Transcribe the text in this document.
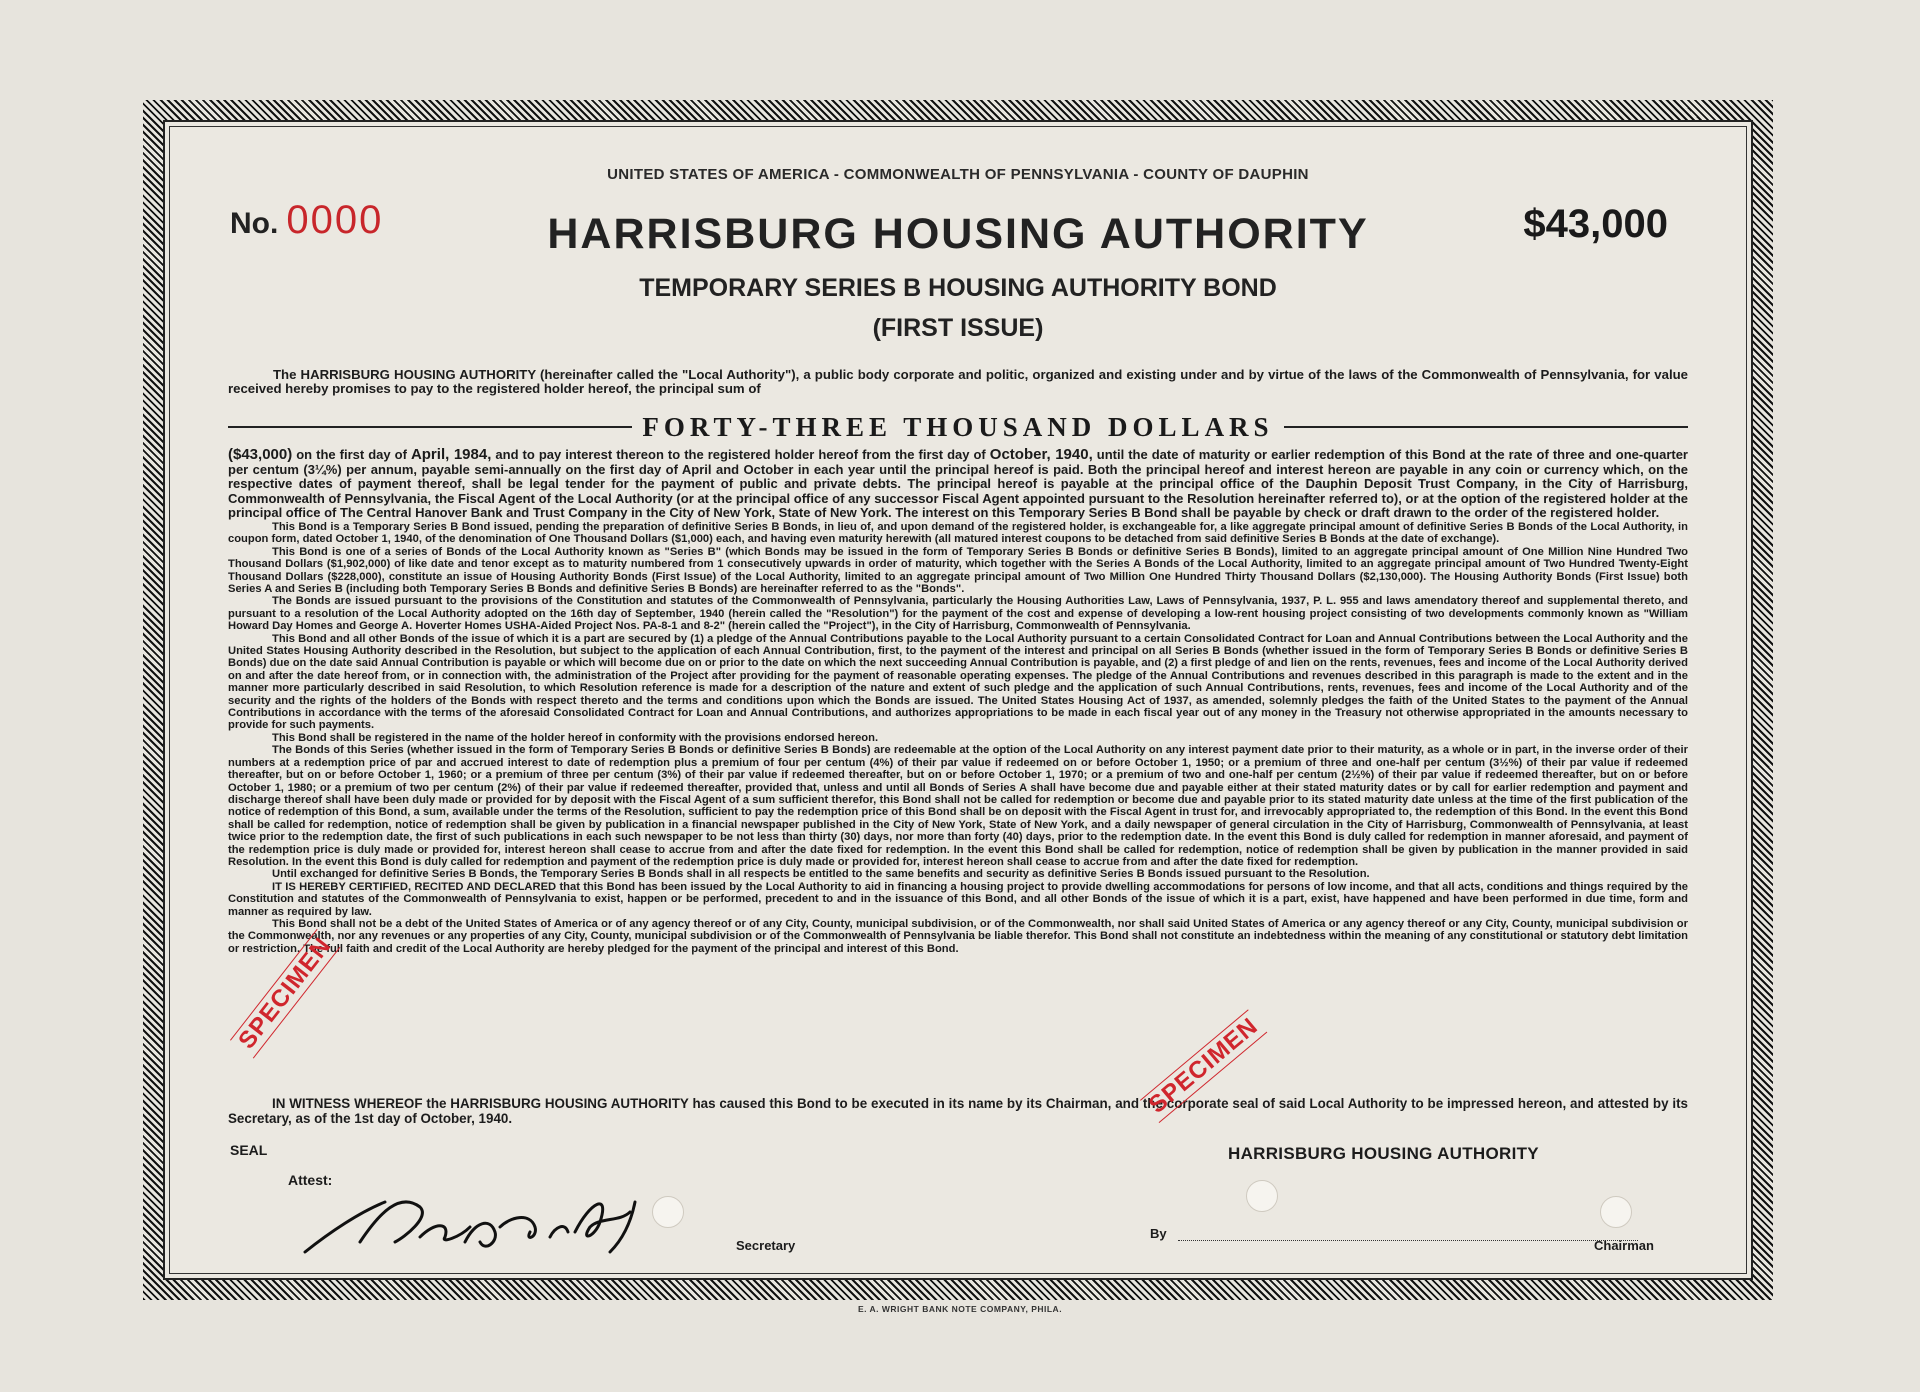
UNITED STATES OF AMERICA - COMMONWEALTH OF PENNSYLVANIA - COUNTY OF DAUPHIN
No. 0000	$43,000
HARRISBURG HOUSING AUTHORITY
TEMPORARY SERIES B HOUSING AUTHORITY BOND
(FIRST ISSUE)
The HARRISBURG HOUSING AUTHORITY (hereinafter called the "Local Authority"), a public body corporate and politic, organized and existing under and by virtue of the laws of the Commonwealth of Pennsylvania, for value received hereby promises to pay to the registered holder hereof, the principal sum of
FORTY-THREE THOUSAND DOLLARS

($43,000) on the first day of April, 1984, and to pay interest thereon to the registered holder hereof from the first day of October, 1940, until the date of maturity or earlier redemption of this Bond at the rate of three and one-quarter per centum (3¼%) per annum, payable semi-annually on the first day of April and October in each year until the principal hereof is paid. Both the principal hereof and interest hereon are payable in any coin or currency which, on the respective dates of payment thereof, shall be legal tender for the payment of public and private debts. The principal hereof is payable at the principal office of the Dauphin Deposit Trust Company, in the City of Harrisburg, Commonwealth of Pennsylvania, the Fiscal Agent of the Local Authority (or at the principal office of any successor Fiscal Agent appointed pursuant to the Resolution hereinafter referred to), or at the option of the registered holder at the principal office of The Central Hanover Bank and Trust Company in the City of New York, State of New York. The interest on this Temporary Series B Bond shall be payable by check or draft drawn to the order of the registered holder.

This Bond is a Temporary Series B Bond issued, pending the preparation of definitive Series B Bonds, in lieu of, and upon demand of the registered holder, is exchangeable for, a like aggregate principal amount of definitive Series B Bonds of the Local Authority, in coupon form, dated October 1, 1940, of the denomination of One Thousand Dollars ($1,000) each, and having even maturity herewith (all matured interest coupons to be detached from said definitive Series B Bonds at the date of exchange).

This Bond is one of a series of Bonds of the Local Authority known as "Series B" (which Bonds may be issued in the form of Temporary Series B Bonds or definitive Series B Bonds), limited to an aggregate principal amount of One Million Nine Hundred Two Thousand Dollars ($1,902,000) of like date and tenor except as to maturity numbered from 1 consecutively upwards in order of maturity, which together with the Series A Bonds of the Local Authority, limited to an aggregate principal amount of Two Hundred Twenty-Eight Thousand Dollars ($228,000), constitute an issue of Housing Authority Bonds (First Issue) of the Local Authority, limited to an aggregate principal amount of Two Million One Hundred Thirty Thousand Dollars ($2,130,000). The Housing Authority Bonds (First Issue) both Series A and Series B (including both Temporary Series B Bonds and definitive Series B Bonds) are hereinafter referred to as the "Bonds".

The Bonds are issued pursuant to the provisions of the Constitution and statutes of the Commonwealth of Pennsylvania, particularly the Housing Authorities Law, Laws of Pennsylvania, 1937, P. L. 955 and laws amendatory thereof and supplemental thereto, and pursuant to a resolution of the Local Authority adopted on the 16th day of September, 1940 (herein called the "Resolution") for the payment of the cost and expense of developing a low-rent housing project consisting of two developments commonly known as "William Howard Day Homes and George A. Hoverter Homes USHA-Aided Project Nos. PA-8-1 and 8-2" (herein called the "Project"), in the City of Harrisburg, Commonwealth of Pennsylvania.

This Bond and all other Bonds of the issue of which it is a part are secured by (1) a pledge of the Annual Contributions payable to the Local Authority pursuant to a certain Consolidated Contract for Loan and Annual Contributions between the Local Authority and the United States Housing Authority described in the Resolution, but subject to the application of each Annual Contribution, first, to the payment of the interest and principal on all Series B Bonds (whether issued in the form of Temporary Series B Bonds or definitive Series B Bonds) due on the date said Annual Contribution is payable or which will become due on or prior to the date on which the next succeeding Annual Contribution is payable, and (2) a first pledge of and lien on the rents, revenues, fees and income of the Local Authority derived on and after the date hereof from, or in connection with, the administration of the Project after providing for the payment of reasonable operating expenses. The pledge of the Annual Contributions and revenues described in this paragraph is made to the extent and in the manner more particularly described in said Resolution, to which Resolution reference is made for a description of the nature and extent of such pledge and the application of such Annual Contributions, rents, revenues, fees and income of the Local Authority and of the security and the rights of the holders of the Bonds with respect thereto and the terms and conditions upon which the Bonds are issued. The United States Housing Act of 1937, as amended, solemnly pledges the faith of the United States to the payment of the Annual Contributions in accordance with the terms of the aforesaid Consolidated Contract for Loan and Annual Contributions, and authorizes appropriations to be made in each fiscal year out of any money in the Treasury not otherwise appropriated in the amounts necessary to provide for such payments.

This Bond shall be registered in the name of the holder hereof in conformity with the provisions endorsed hereon.

The Bonds of this Series (whether issued in the form of Temporary Series B Bonds or definitive Series B Bonds) are redeemable at the option of the Local Authority on any interest payment date prior to their maturity, as a whole or in part, in the inverse order of their numbers at a redemption price of par and accrued interest to date of redemption plus a premium of four per centum (4%) of their par value if redeemed on or before October 1, 1950; or a premium of three and one-half per centum (3½%) of their par value if redeemed thereafter, but on or before October 1, 1960; or a premium of three per centum (3%) of their par value if redeemed thereafter, but on or before October 1, 1970; or a premium of two and one-half per centum (2½%) of their par value if redeemed thereafter, but on or before October 1, 1980; or a premium of two per centum (2%) of their par value if redeemed thereafter, provided that, unless and until all Bonds of Series A shall have become due and payable either at their stated maturity dates or by call for earlier redemption and payment and discharge thereof shall have been duly made or provided for by deposit with the Fiscal Agent of a sum sufficient therefor, this Bond shall not be called for redemption or become due and payable prior to its stated maturity date unless at the time of the first publication of the notice of redemption of this Bond, a sum, available under the terms of the Resolution, sufficient to pay the redemption price of this Bond shall be on deposit with the Fiscal Agent in trust for, and irrevocably appropriated to, the redemption of this Bond. In the event this Bond shall be called for redemption, notice of redemption shall be given by publication in a financial newspaper published in the City of New York, State of New York, and a daily newspaper of general circulation in the City of Harrisburg, Commonwealth of Pennsylvania, at least twice prior to the redemption date, the first of such publications in each such newspaper to be not less than thirty (30) days, nor more than forty (40) days, prior to the redemption date. In the event this Bond is duly called for redemption in manner aforesaid, and payment of the redemption price is duly made or provided for, interest hereon shall cease to accrue from and after the date fixed for redemption. In the event this Bond shall be called for redemption, notice of redemption shall be given by publication in the manner provided in said Resolution. In the event this Bond is duly called for redemption and payment of the redemption price is duly made or provided for, interest hereon shall cease to accrue from and after the date fixed for redemption.

Until exchanged for definitive Series B Bonds, the Temporary Series B Bonds shall in all respects be entitled to the same benefits and security as definitive Series B Bonds issued pursuant to the Resolution.

IT IS HEREBY CERTIFIED, RECITED AND DECLARED that this Bond has been issued by the Local Authority to aid in financing a housing project to provide dwelling accommodations for persons of low income, and that all acts, conditions and things required by the Constitution and statutes of the Commonwealth of Pennsylvania to exist, happen or be performed, precedent to and in the issuance of this Bond, and all other Bonds of the issue of which it is a part, exist, have happened and have been performed in due time, form and manner as required by law.

This Bond shall not be a debt of the United States of America or of any agency thereof or of any City, County, municipal subdivision, or of the Commonwealth, nor shall said United States of America or any agency thereof or any City, County, municipal subdivision or the Commonwealth, nor any revenues or any properties of any City, County, municipal subdivision or of the Commonwealth of Pennsylvania be liable therefor. This Bond shall not constitute an indebtedness within the meaning of any constitutional or statutory debt limitation or restriction. The full faith and credit of the Local Authority are hereby pledged for the payment of the principal and interest of this Bond.

IN WITNESS WHEREOF the HARRISBURG HOUSING AUTHORITY has caused this Bond to be executed in its name by its Chairman, and the corporate seal of said Local Authority to be impressed hereon, and attested by its Secretary, as of the 1st day of October, 1940.
SEAL
Attest:
Secretary
HARRISBURG HOUSING AUTHORITY
By
Chairman
SPECIMEN
SPECIMEN
E. A. WRIGHT BANK NOTE COMPANY, PHILA.
